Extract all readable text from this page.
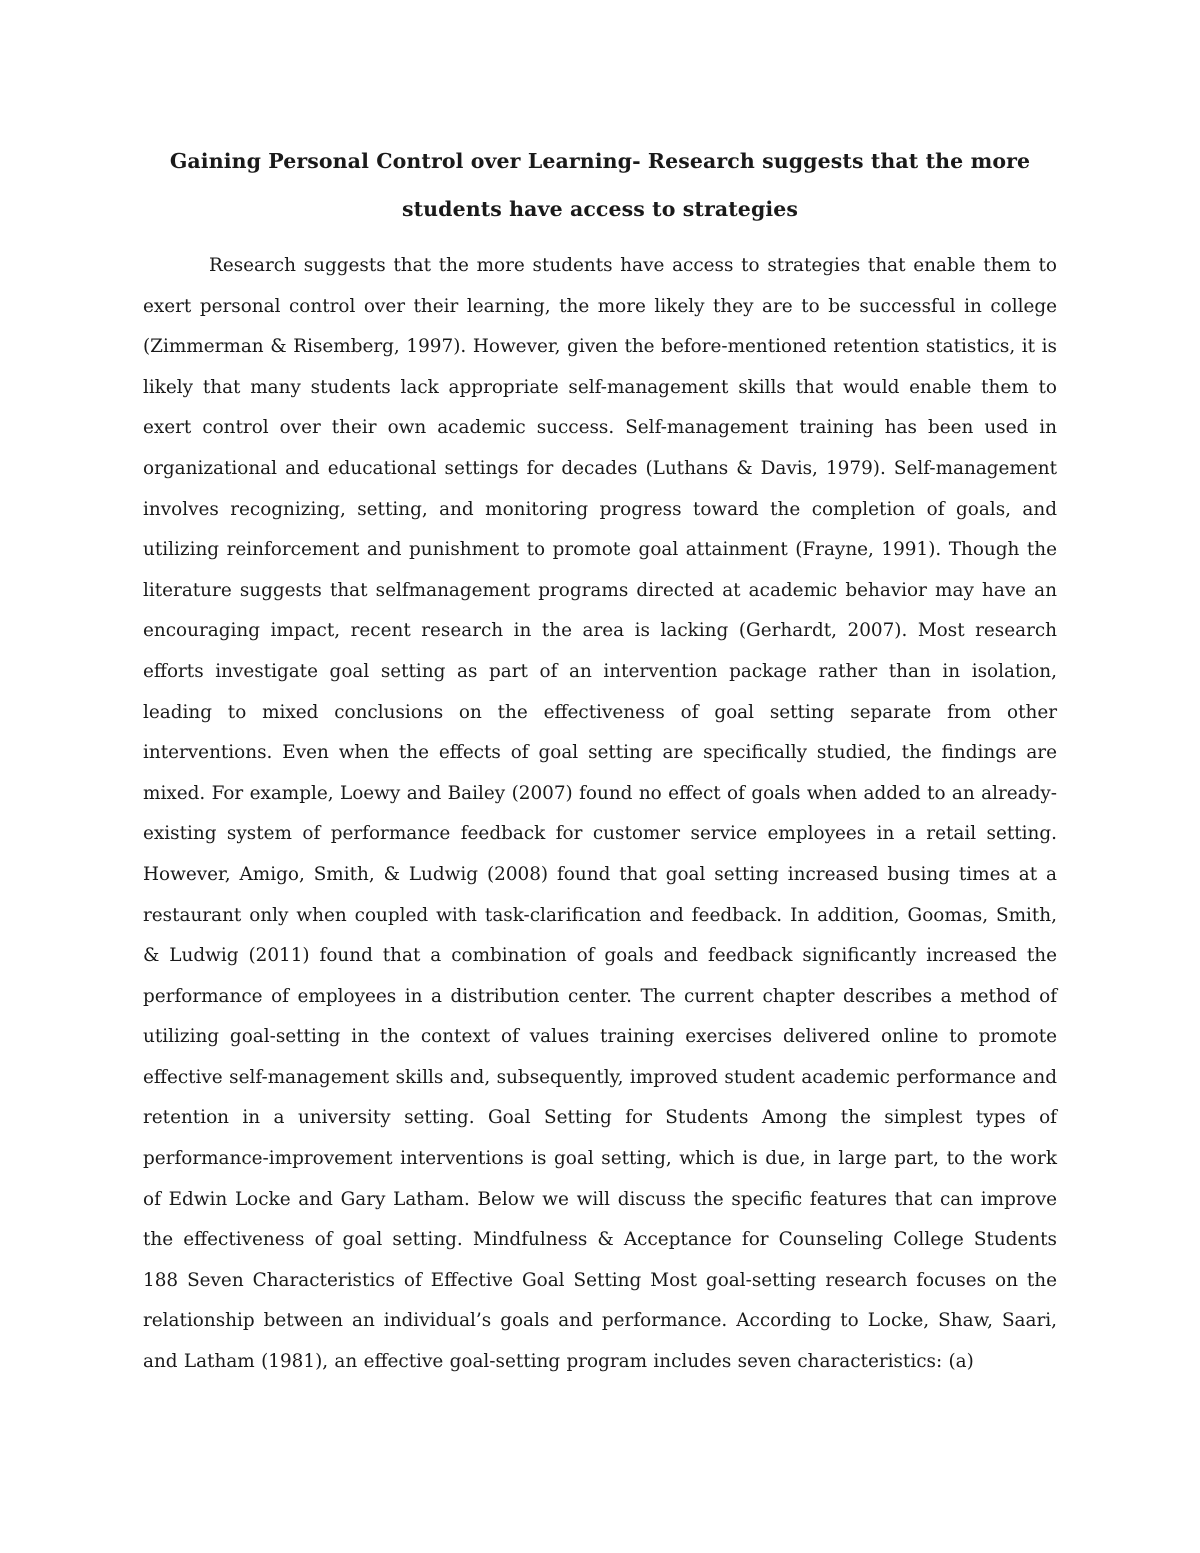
Gaining Personal Control over Learning- Research suggests that the more students have access to strategies

Research suggests that the more students have access to strategies that enable them to exert personal control over their learning, the more likely they are to be successful in college (Zimmerman & Risemberg, 1997). However, given the before-mentioned retention statistics, it is likely that many students lack appropriate self-management skills that would enable them to exert control over their own academic success. Self-management training has been used in organizational and educational settings for decades (Luthans & Davis, 1979). Self-management involves recognizing, setting, and monitoring progress toward the completion of goals, and utilizing reinforcement and punishment to promote goal attainment (Frayne, 1991). Though the literature suggests that selfmanagement programs directed at academic behavior may have an encouraging impact, recent research in the area is lacking (Gerhardt, 2007). Most research efforts investigate goal setting as part of an intervention package rather than in isolation, leading to mixed conclusions on the effectiveness of goal setting separate from other interventions. Even when the effects of goal setting are specifically studied, the findings are mixed. For example, Loewy and Bailey (2007) found no effect of goals when added to an already-existing system of performance feedback for customer service employees in a retail setting. However, Amigo, Smith, & Ludwig (2008) found that goal setting increased busing times at a restaurant only when coupled with task-clarification and feedback. In addition, Goomas, Smith, & Ludwig (2011) found that a combination of goals and feedback significantly increased the performance of employees in a distribution center. The current chapter describes a method of utilizing goal-setting in the context of values training exercises delivered online to promote effective self-management skills and, subsequently, improved student academic performance and retention in a university setting. Goal Setting for Students Among the simplest types of performance-improvement interventions is goal setting, which is due, in large part, to the work of Edwin Locke and Gary Latham. Below we will discuss the specific features that can improve the effectiveness of goal setting. Mindfulness & Acceptance for Counseling College Students 188 Seven Characteristics of Effective Goal Setting Most goal-setting research focuses on the relationship between an individual’s goals and performance. According to Locke, Shaw, Saari, and Latham (1981), an effective goal-setting program includes seven characteristics: (a)
